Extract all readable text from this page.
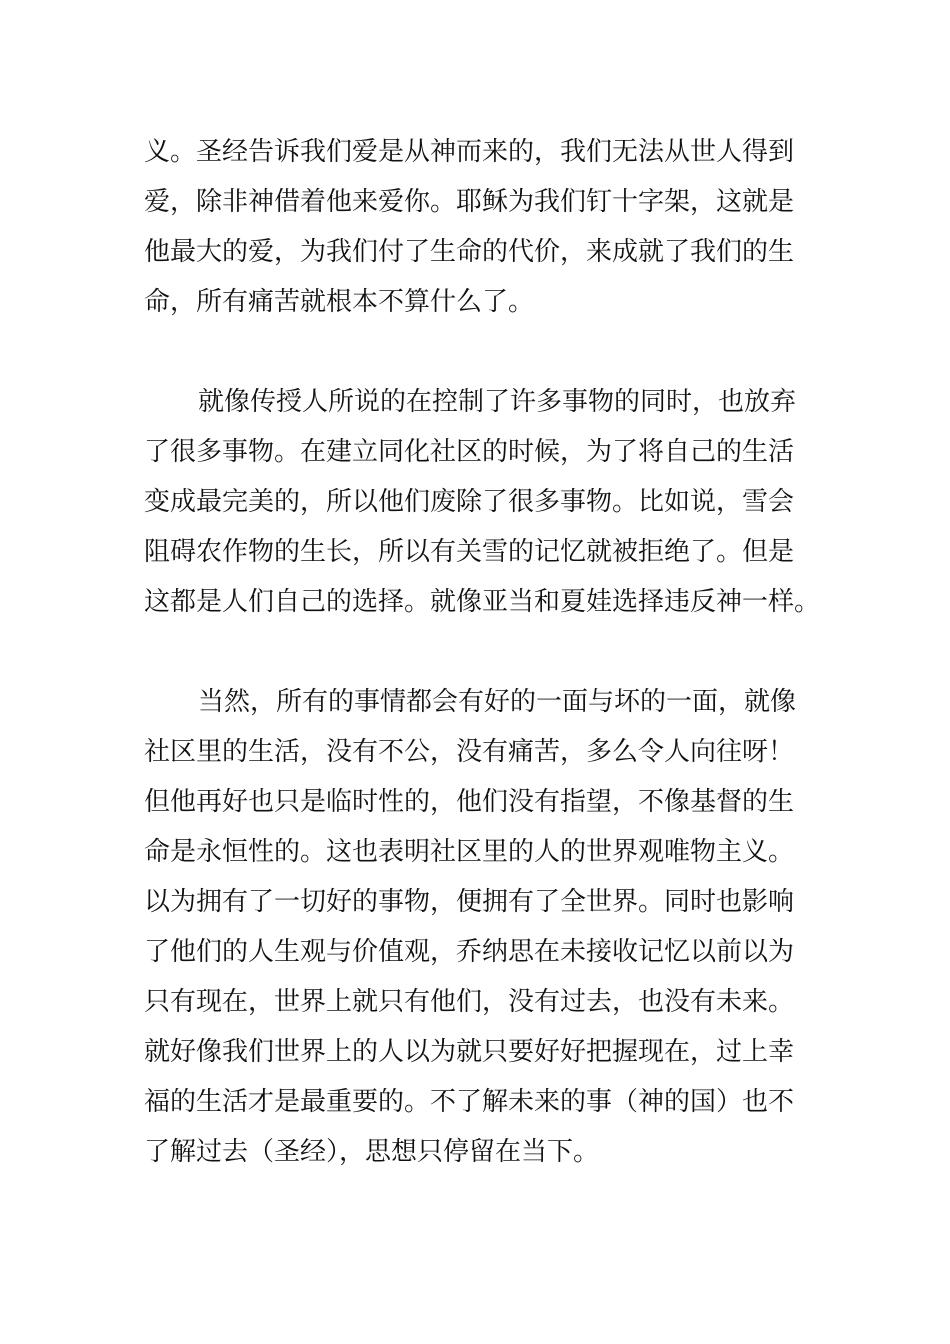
义。圣经告诉我们爱是从神而来的，我们无法从世人得到
爱，除非神借着他来爱你。耶稣为我们钉十字架，这就是
他最大的爱，为我们付了生命的代价，来成就了我们的生
命，所有痛苦就根本不算什么了。
就像传授人所说的在控制了许多事物的同时，也放弃
了很多事物。在建立同化社区的时候，为了将自己的生活
变成最完美的，所以他们废除了很多事物。比如说，雪会
阻碍农作物的生长，所以有关雪的记忆就被拒绝了。但是
这都是人们自己的选择。就像亚当和夏娃选择违反神一样。
当然，所有的事情都会有好的一面与坏的一面，就像
社区里的生活，没有不公，没有痛苦，多么令人向往呀！
但他再好也只是临时性的，他们没有指望，不像基督的生
命是永恒性的。这也表明社区里的人的世界观唯物主义。
以为拥有了一切好的事物，便拥有了全世界。同时也影响
了他们的人生观与价值观，乔纳思在未接收记忆以前以为
只有现在，世界上就只有他们，没有过去，也没有未来。
就好像我们世界上的人以为就只要好好把握现在，过上幸
福的生活才是最重要的。不了解未来的事（神的国）也不
了解过去（圣经），思想只停留在当下。
